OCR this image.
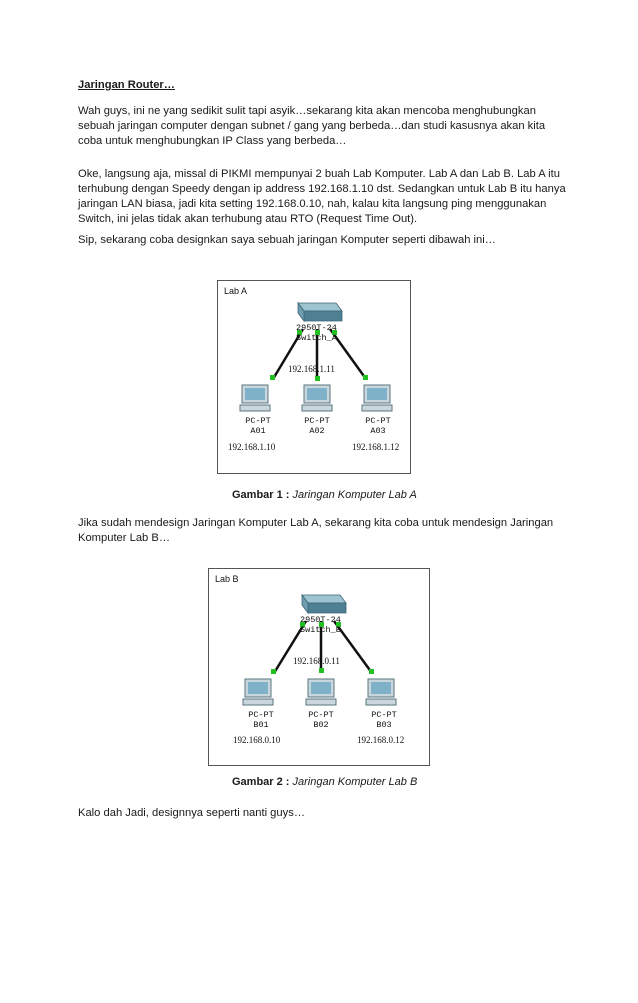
Jaringan Router…

Wah guys, ini ne yang sedikit sulit tapi asyik…sekarang kita akan mencoba menghubungkan sebuah jaringan computer dengan subnet / gang yang berbeda…dan studi kasusnya akan kita coba untuk menghubungkan IP Class yang berbeda…

Oke, langsung aja, missal di PIKMI mempunyai 2 buah Lab Komputer. Lab A dan Lab B. Lab A itu terhubung dengan Speedy dengan ip address 192.168.1.10 dst. Sedangkan untuk Lab B itu hanya jaringan LAN biasa, jadi kita setting 192.168.0.10, nah, kalau kita langsung ping menggunakan Switch, ini jelas tidak akan terhubung atau RTO (Request Time Out).

Sip, sekarang coba designkan saya sebuah jaringan Komputer seperti dibawah ini…

Lab A
2950T-24
Switch_A
192.168.1.11
PC-PT
A01
PC-PT
A02
PC-PT
A03
192.168.1.10	192.168.1.12
Gambar 1 : Jaringan Komputer Lab A

Jika sudah mendesign Jaringan Komputer Lab A, sekarang kita coba untuk mendesign Jaringan Komputer Lab B…

Lab B
2950T-24
Switch_B
192.168.0.11
PC-PT
B01
PC-PT
B02
PC-PT
B03
192.168.0.10	192.168.0.12
Gambar 2 : Jaringan Komputer Lab B

Kalo dah Jadi, designnya seperti nanti guys…
